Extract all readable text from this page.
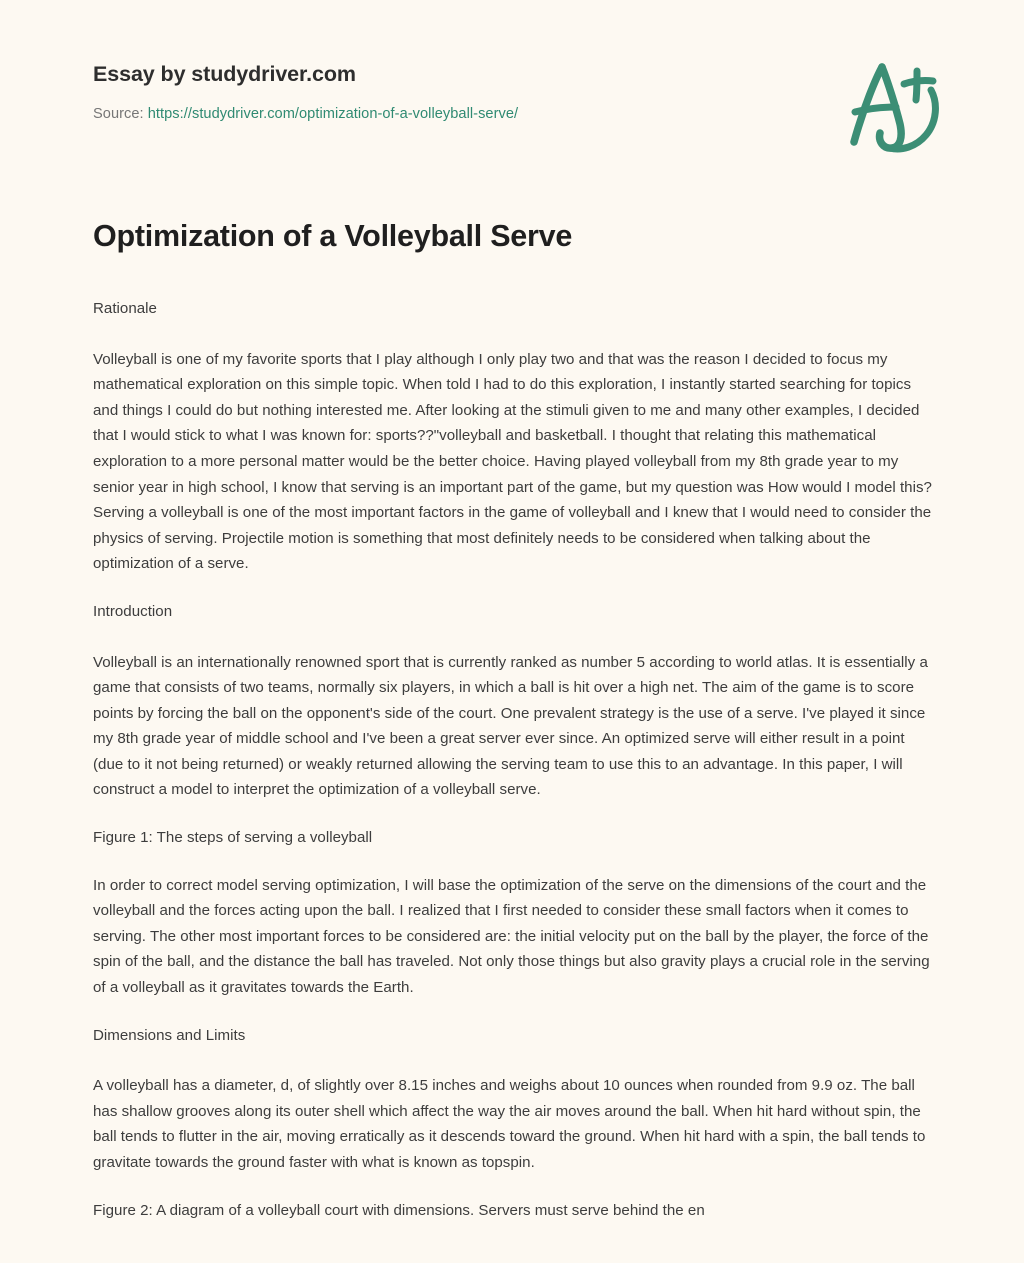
Essay by studydriver.com
Source: https://studydriver.com/optimization-of-a-volleyball-serve/
Optimization of a Volleyball Serve

Rationale

Volleyball is one of my favorite sports that I play although I only play two and that was the reason I decided to focus my mathematical exploration on this simple topic. When told I had to do this exploration, I instantly started searching for topics and things I could do but nothing interested me. After looking at the stimuli given to me and many other examples, I decided that I would stick to what I was known for: sports??"volleyball and basketball. I thought that relating this mathematical exploration to a more personal matter would be the better choice. Having played volleyball from my 8th grade year to my senior year in high school, I know that serving is an important part of the game, but my question was How would I model this? Serving a volleyball is one of the most important factors in the game of volleyball and I knew that I would need to consider the physics of serving. Projectile motion is something that most definitely needs to be considered when talking about the optimization of a serve.

Introduction

Volleyball is an internationally renowned sport that is currently ranked as number 5 according to world atlas. It is essentially a game that consists of two teams, normally six players, in which a ball is hit over a high net. The aim of the game is to score points by forcing the ball on the opponent's side of the court. One prevalent strategy is the use of a serve. I've played it since my 8th grade year of middle school and I've been a great server ever since. An optimized serve will either result in a point (due to it not being returned) or weakly returned allowing the serving team to use this to an advantage. In this paper, I will construct a model to interpret the optimization of a volleyball serve.

Figure 1: The steps of serving a volleyball

In order to correct model serving optimization, I will base the optimization of the serve on the dimensions of the court and the volleyball and the forces acting upon the ball. I realized that I first needed to consider these small factors when it comes to serving. The other most important forces to be considered are: the initial velocity put on the ball by the player, the force of the spin of the ball, and the distance the ball has traveled. Not only those things but also gravity plays a crucial role in the serving of a volleyball as it gravitates towards the Earth.

Dimensions and Limits

A volleyball has a diameter, d, of slightly over 8.15 inches and weighs about 10 ounces when rounded from 9.9 oz. The ball has shallow grooves along its outer shell which affect the way the air moves around the ball. When hit hard without spin, the ball tends to flutter in the air, moving erratically as it descends toward the ground. When hit hard with a spin, the ball tends to gravitate towards the ground faster with what is known as topspin.

Figure 2: A diagram of a volleyball court with dimensions. Servers must serve behind the en
